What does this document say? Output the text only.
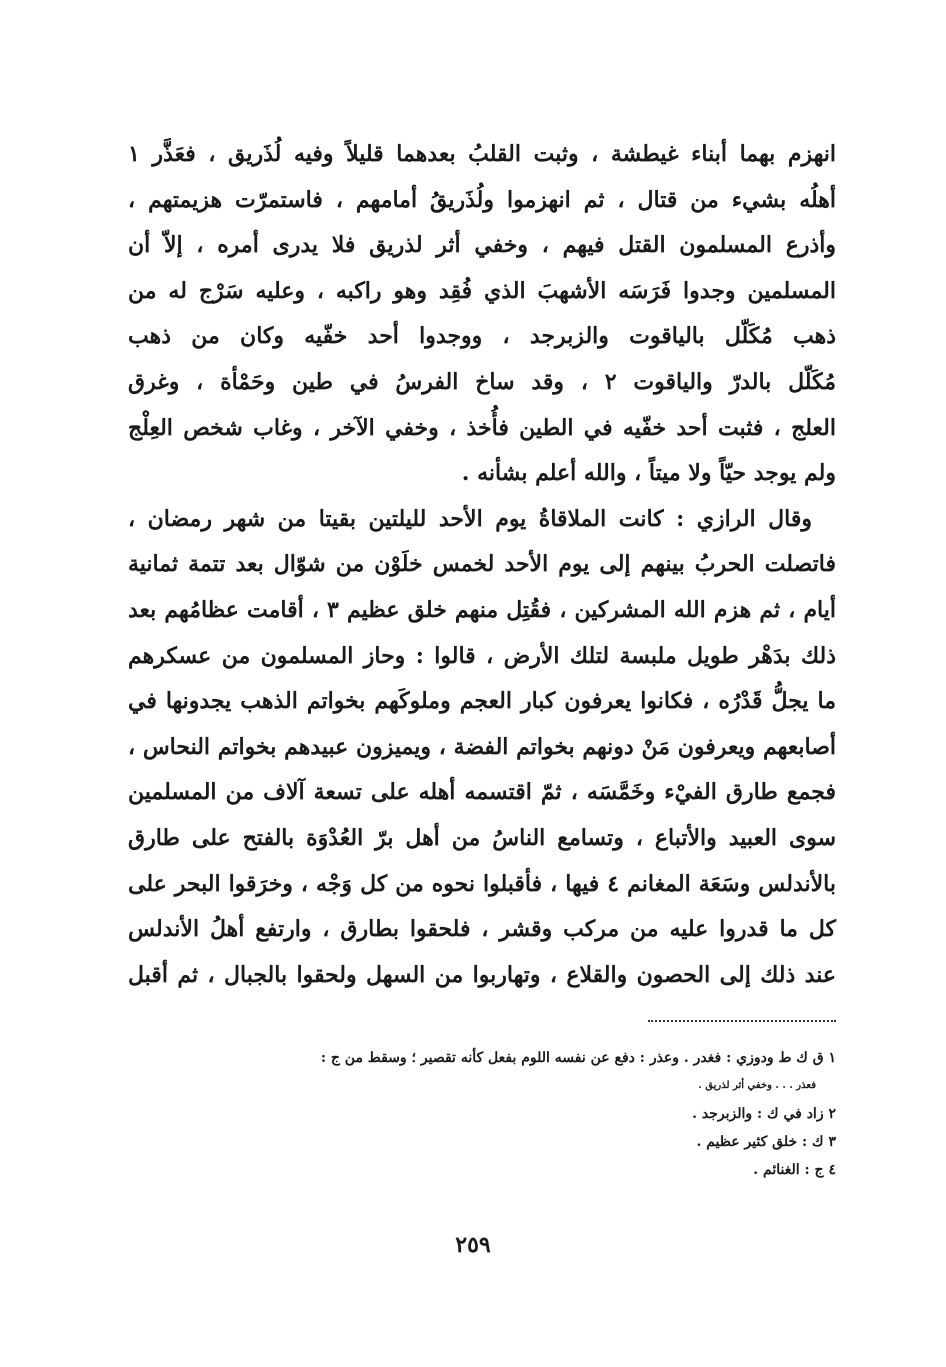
انهزم بهما أبناء غيطشة ، وثبت القلبُ بعدهما قليلاً وفيه لُذَريق ، فعَذَّر ١
أهلُه بشيء من قتال ، ثم انهزموا ولُذَريقُ أمامهم ، فاستمرّت هزيمتهم ،
وأذرع المسلمون القتل فيهم ، وخفي أثر لذريق فلا يدرى أمره ، إلاّ أن
المسلمين وجدوا فَرَسَه الأشهبَ الذي فُقِد وهو راكبه ، وعليه سَرْج له من
ذهب مُكَلّل بالياقوت والزبرجد ، ووجدوا أحد خفّيه وكان من ذهب
مُكَلّل بالدرّ والياقوت ٢ ، وقد ساخ الفرسُ في طين وحَمْأة ، وغرق
العلج ، فثبت أحد خفّيه في الطين فأُخذ ، وخفي الآخر ، وغاب شخص العِلْج
ولم يوجد حيّاً ولا ميتاً ، والله أعلم بشأنه .
وقال الرازي : كانت الملاقاةُ يوم الأحد لليلتين بقيتا من شهر رمضان ،
فاتصلت الحربُ بينهم إلى يوم الأحد لخمس خلَوْن من شوّال بعد تتمة ثمانية
أيام ، ثم هزم الله المشركين ، فقُتِل منهم خلق عظيم ٣ ، أقامت عظامُهم بعد
ذلك بدَهْر طويل ملبسة لتلك الأرض ، قالوا : وحاز المسلمون من عسكرهم
ما يجلُّ قَدْرُه ، فكانوا يعرفون كبار العجم وملوكَهم بخواتم الذهب يجدونها في
أصابعهم ويعرفون مَنْ دونهم بخواتم الفضة ، ويميزون عبيدهم بخواتم النحاس ،
فجمع طارق الفيْء وخَمَّسَه ، ثمّ اقتسمه أهله على تسعة آلاف من المسلمين
سوى العبيد والأتباع ، وتسامع الناسُ من أهل برّ العُدْوَة بالفتح على طارق
بالأندلس وسَعَة المغانم ٤ فيها ، فأقبلوا نحوه من كل وَجْه ، وخرَقوا البحر على
كل ما قدروا عليه من مركب وقشر ، فلحقوا بطارق ، وارتفع أهلُ الأندلس
عند ذلك إلى الحصون والقلاع ، وتهاربوا من السهل ولحقوا بالجبال ، ثم أقبل
١ ق ك ط ودوزي : فغدر . وعذر : دفع عن نفسه اللوم بفعل كأنه تقصير ؛ وسقط من ج :
فعذر . . . وخفي أثر لذريق .
٢ زاد في ك : والزبرجد .
٣ ك : خلق كثير عظيم .
٤ ج : الغنائم .
٢٥٩
